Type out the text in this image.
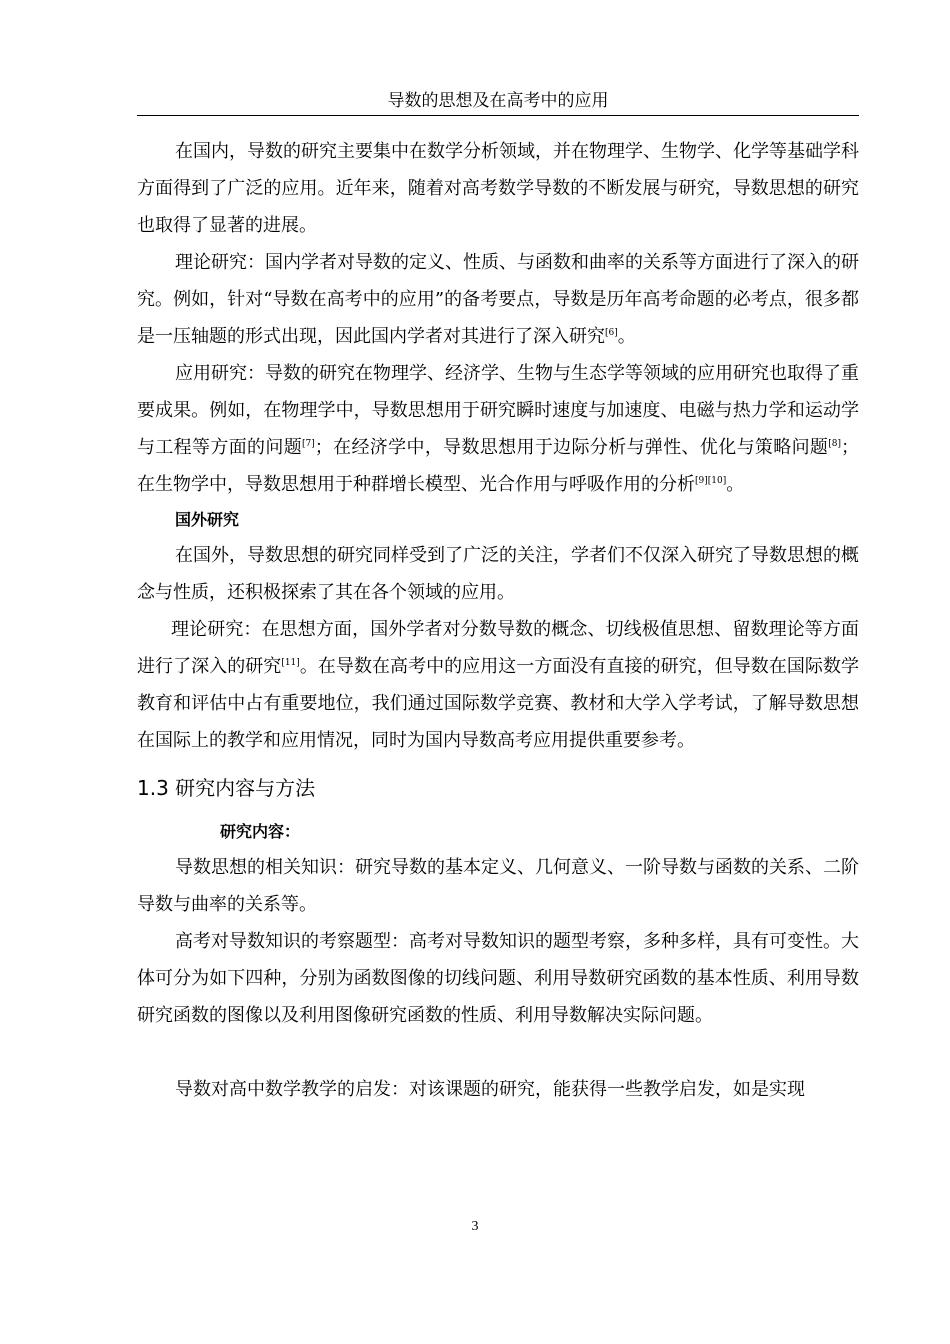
导数的思想及在高考中的应用

在国内，导数的研究主要集中在数学分析领域，并在物理学、生物学、化学等基础学科方面得到了广泛的应用。近年来，随着对高考数学导数的不断发展与研究，导数思想的研究也取得了显著的进展。

理论研究：国内学者对导数的定义、性质、与函数和曲率的关系等方面进行了深入的研究。例如，针对“导数在高考中的应用”的备考要点，导数是历年高考命题的必考点，很多都是一压轴题的形式出现，因此国内学者对其进行了深入研究[6]。

应用研究：导数的研究在物理学、经济学、生物与生态学等领域的应用研究也取得了重要成果。例如，在物理学中，导数思想用于研究瞬时速度与加速度、电磁与热力学和运动学与工程等方面的问题[7]；在经济学中，导数思想用于边际分析与弹性、优化与策略问题[8]；在生物学中，导数思想用于种群增长模型、光合作用与呼吸作用的分析[9][10]。

国外研究

在国外，导数思想的研究同样受到了广泛的关注，学者们不仅深入研究了导数思想的概念与性质，还积极探索了其在各个领域的应用。

理论研究：在思想方面，国外学者对分数导数的概念、切线极值思想、留数理论等方面进行了深入的研究[11]。在导数在高考中的应用这一方面没有直接的研究，但导数在国际数学教育和评估中占有重要地位，我们通过国际数学竞赛、教材和大学入学考试，了解导数思想在国际上的教学和应用情况，同时为国内导数高考应用提供重要参考。

1.3 研究内容与方法

研究内容：

导数思想的相关知识：研究导数的基本定义、几何意义、一阶导数与函数的关系、二阶导数与曲率的关系等。

高考对导数知识的考察题型：高考对导数知识的题型考察，多种多样，具有可变性。大体可分为如下四种，分别为函数图像的切线问题、利用导数研究函数的基本性质、利用导数研究函数的图像以及利用图像研究函数的性质、利用导数解决实际问题。

导数对高中数学教学的启发：对该课题的研究，能获得一些教学启发，如是实现

3
